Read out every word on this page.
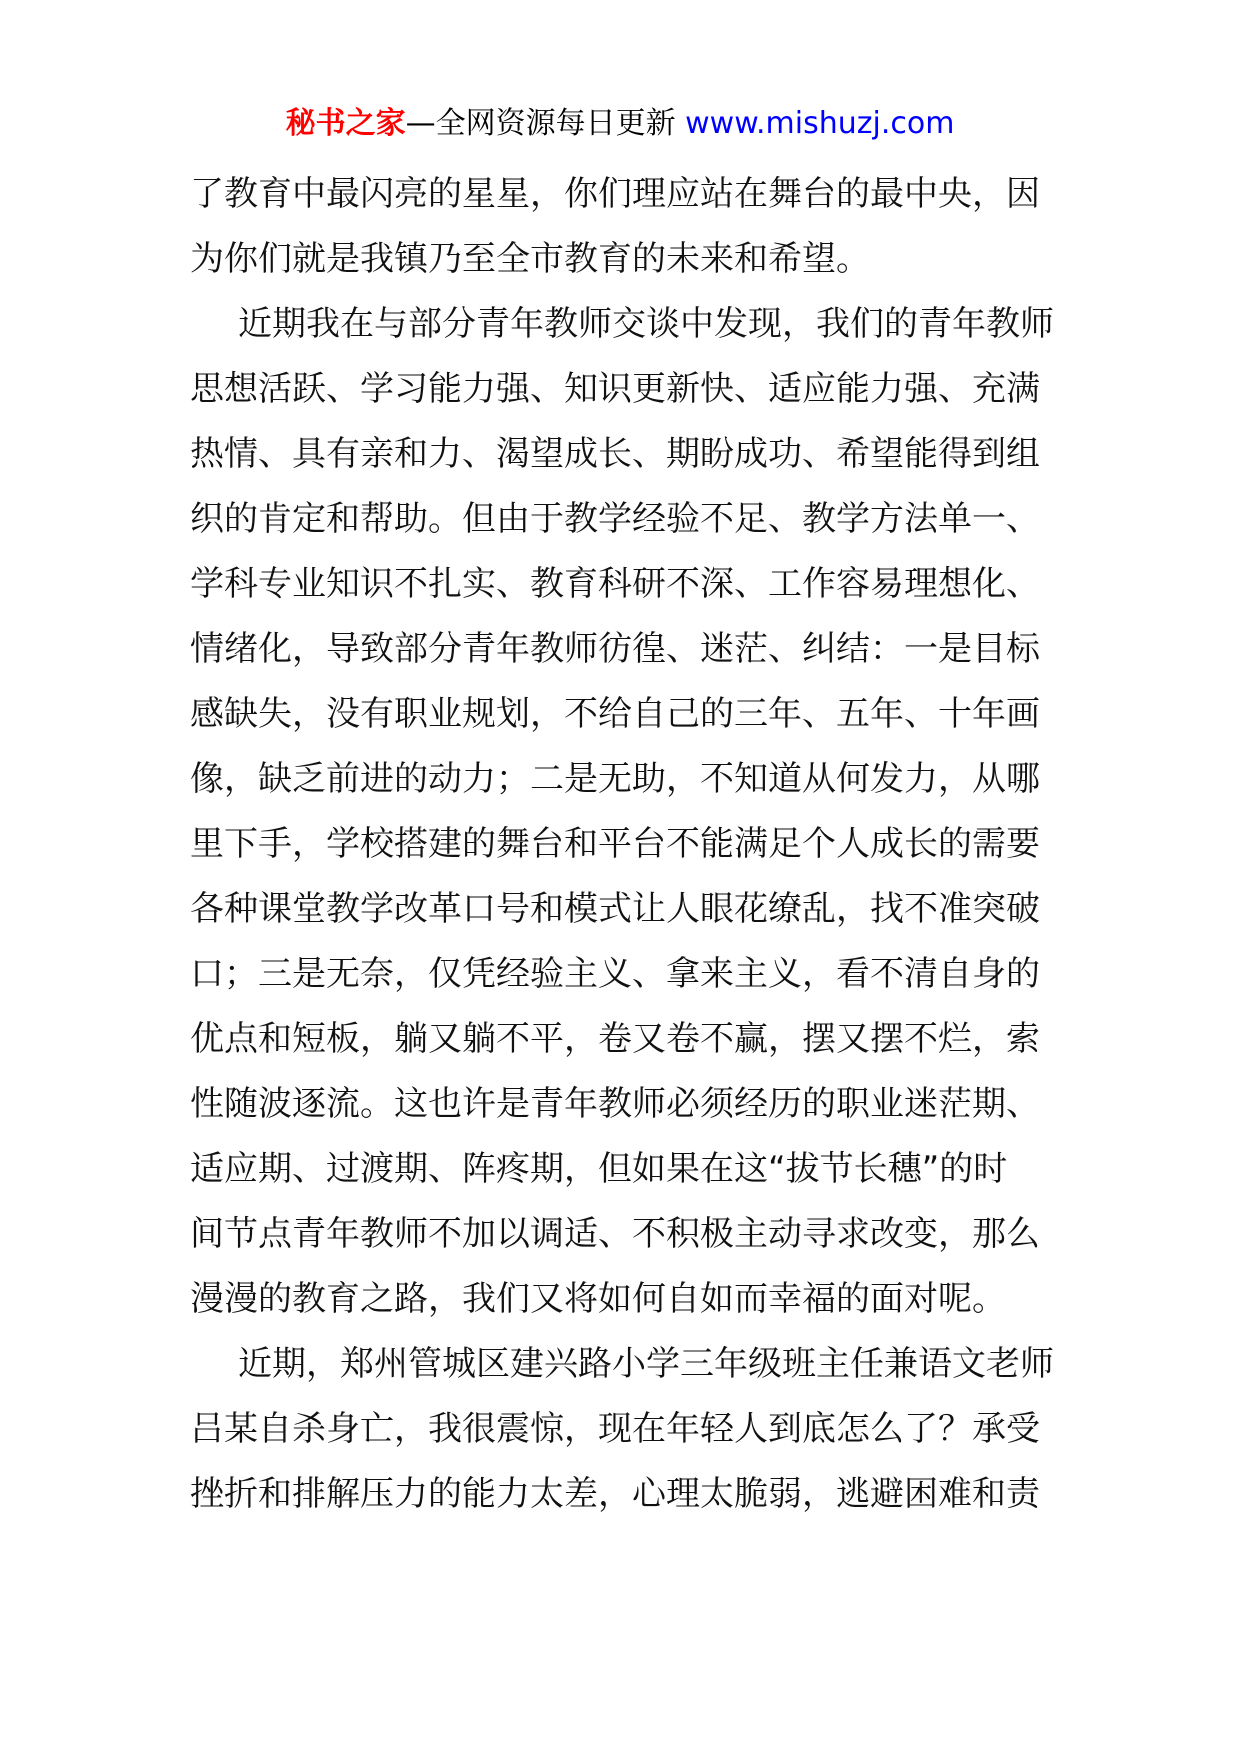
秘书之家—全网资源每日更新 www.mishuzj.com
了教育中最闪亮的星星，你们理应站在舞台的最中央，因
为你们就是我镇乃至全市教育的未来和希望。
近期我在与部分青年教师交谈中发现，我们的青年教师
思想活跃、学习能力强、知识更新快、适应能力强、充满
热情、具有亲和力、渴望成长、期盼成功、希望能得到组
织的肯定和帮助。但由于教学经验不足、教学方法单一、
学科专业知识不扎实、教育科研不深、工作容易理想化、
情绪化，导致部分青年教师彷徨、迷茫、纠结：一是目标
感缺失，没有职业规划，不给自己的三年、五年、十年画
像，缺乏前进的动力；二是无助，不知道从何发力，从哪
里下手，学校搭建的舞台和平台不能满足个人成长的需要
各种课堂教学改革口号和模式让人眼花缭乱，找不准突破
口；三是无奈，仅凭经验主义、拿来主义，看不清自身的
优点和短板，躺又躺不平，卷又卷不赢，摆又摆不烂，索
性随波逐流。这也许是青年教师必须经历的职业迷茫期、
适应期、过渡期、阵疼期，但如果在这“拔节长穗”的时
间节点青年教师不加以调适、不积极主动寻求改变，那么
漫漫的教育之路，我们又将如何自如而幸福的面对呢。
近期，郑州管城区建兴路小学三年级班主任兼语文老师
吕某自杀身亡，我很震惊，现在年轻人到底怎么了？承受
挫折和排解压力的能力太差，心理太脆弱，逃避困难和责
